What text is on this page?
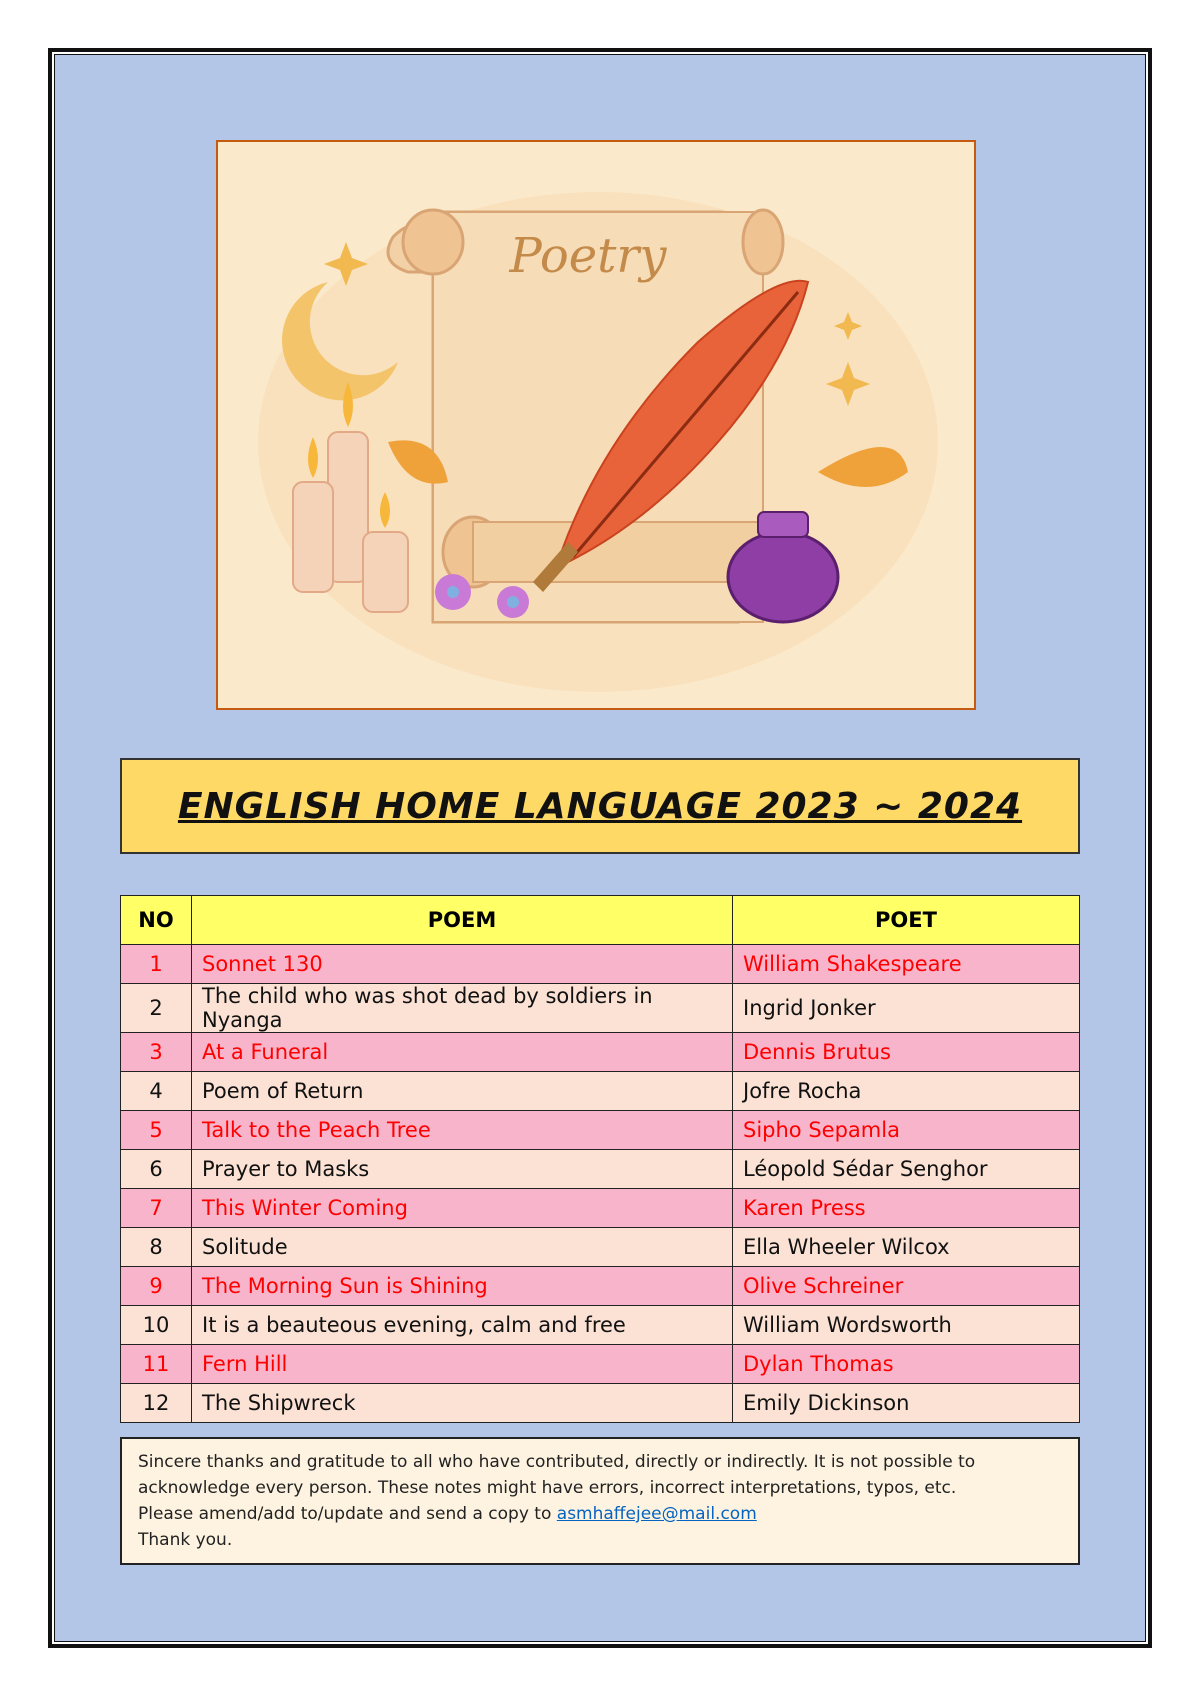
Poetry
ENGLISH HOME LANGUAGE 2023 ~ 2024
NO	POEM	POET
1	Sonnet 130	William Shakespeare
2	The child who was shot dead by soldiers in Nyanga	Ingrid Jonker
3	At a Funeral	Dennis Brutus
4	Poem of Return	Jofre Rocha
5	Talk to the Peach Tree	Sipho Sepamla
6	Prayer to Masks	Léopold Sédar Senghor
7	This Winter Coming	Karen Press
8	Solitude	Ella Wheeler Wilcox
9	The Morning Sun is Shining	Olive Schreiner
10	It is a beauteous evening, calm and free	William Wordsworth
11	Fern Hill	Dylan Thomas
12	The Shipwreck	Emily Dickinson
Sincere thanks and gratitude to all who have contributed, directly or indirectly. It is not possible to
acknowledge every person. These notes might have errors, incorrect interpretations, typos, etc.
Please amend/add to/update and send a copy to asmhaffejee@mail.com
Thank you.
